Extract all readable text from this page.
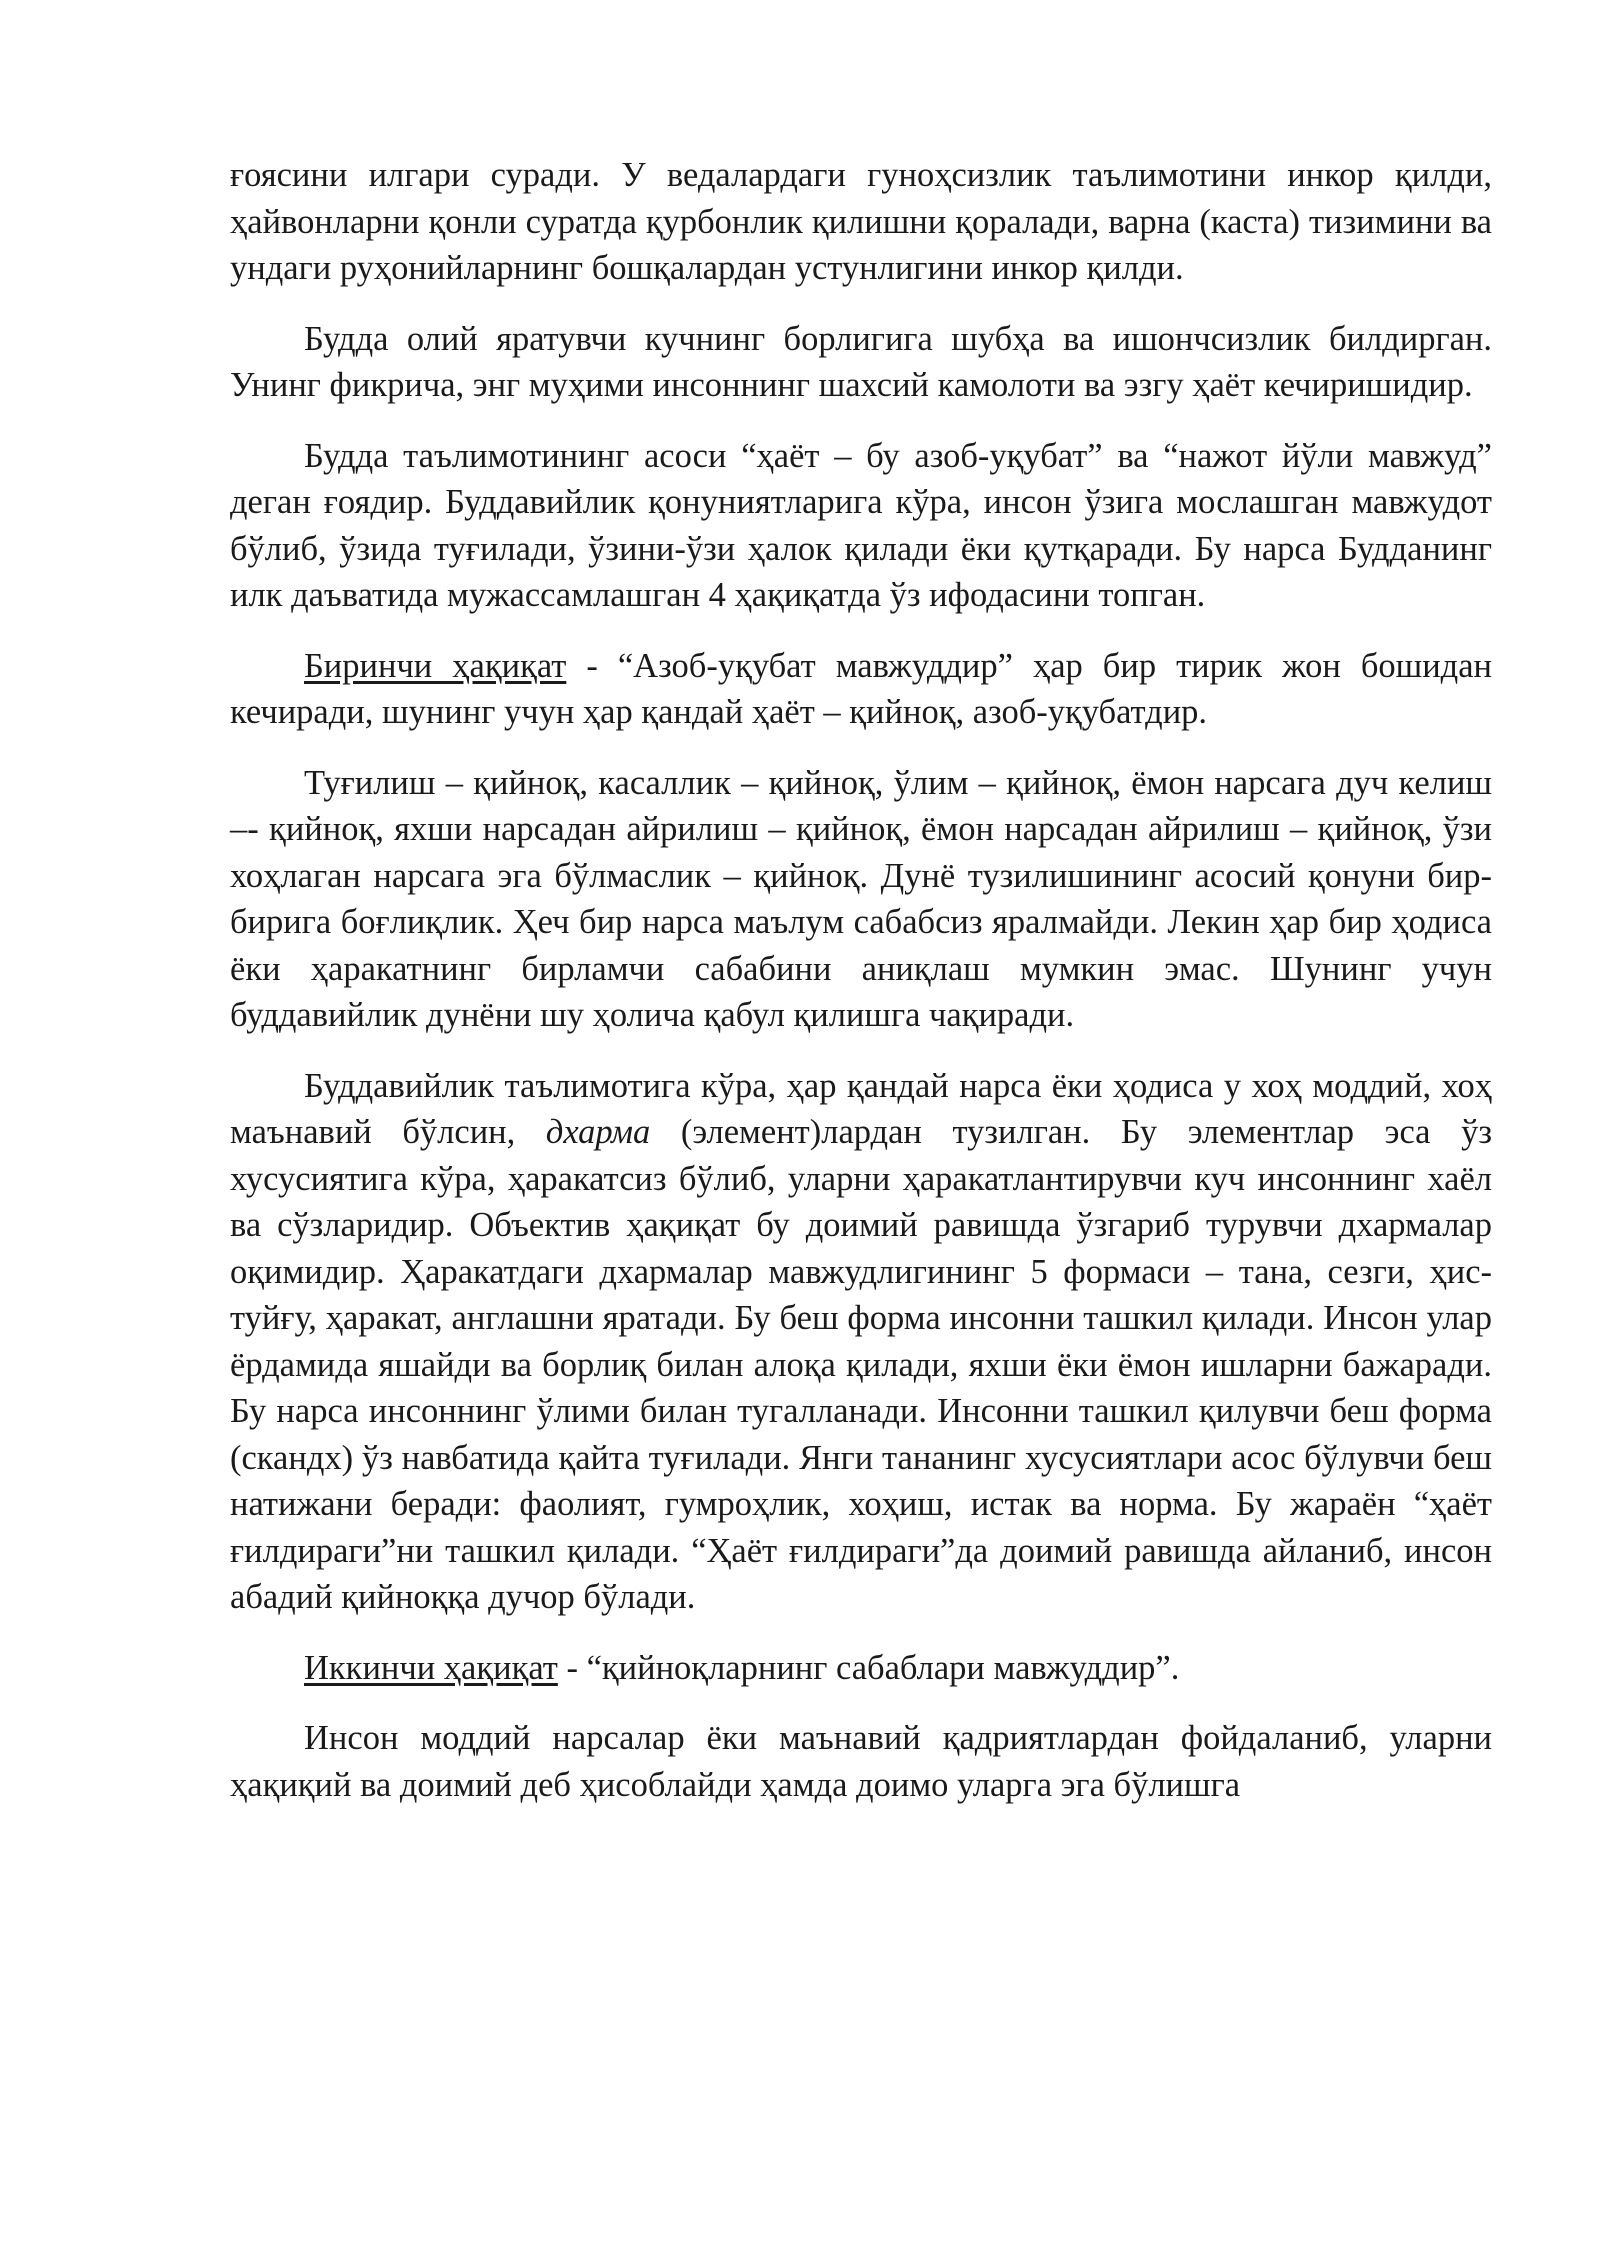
ғоясини илгари суради. У ведалардаги гуноҳсизлик таълимотини инкор қилди, ҳайвонларни қонли суратда қурбонлик қилишни қоралади, варна (каста) тизимини ва ундаги руҳонийларнинг бошқалардан устунлигини инкор қилди.

Будда олий яратувчи кучнинг борлигига шубҳа ва ишончсизлик билдирган. Унинг фикрича, энг муҳими инсоннинг шахсий камолоти ва эзгу ҳаёт кечиришидир.

Будда таълимотининг асоси “ҳаёт – бу азоб-уқубат” ва “нажот йўли мавжуд” деган ғоядир. Буддавийлик қонуниятларига кўра, инсон ўзига мослашган мавжудот бўлиб, ўзида туғилади, ўзини-ўзи ҳалок қилади ёки қутқаради. Бу нарса Будданинг илк даъватида мужассамлашган 4 ҳақиқатда ўз ифодасини топган.

Биринчи ҳақиқат - “Азоб-уқубат мавжуддир” ҳар бир тирик жон бошидан кечиради, шунинг учун ҳар қандай ҳаёт – қийноқ, азоб-уқубатдир.

Туғилиш – қийноқ, касаллик – қийноқ, ўлим – қийноқ, ёмон нарсага дуч келиш –- қийноқ, яхши нарсадан айрилиш – қийноқ, ёмон нарсадан айрилиш – қийноқ, ўзи хоҳлаган нарсага эга бўлмаслик – қийноқ. Дунё тузилишининг асосий қонуни бир-бирига боғлиқлик. Ҳеч бир нарса маълум сабабсиз яралмайди. Лекин ҳар бир ҳодиса ёки ҳаракатнинг бирламчи сабабини аниқлаш мумкин эмас. Шунинг учун буддавийлик дунёни шу ҳолича қабул қилишга чақиради.

Буддавийлик таълимотига кўра, ҳар қандай нарса ёки ҳодиса у хоҳ моддий, хоҳ маънавий бўлсин, дхарма (элемент)лардан тузилган. Бу элементлар эса ўз хусусиятига кўра, ҳаракатсиз бўлиб, уларни ҳаракатлантирувчи куч инсоннинг хаёл ва сўзларидир. Объектив ҳақиқат бу доимий равишда ўзгариб турувчи дхармалар оқимидир. Ҳаракатдаги дхармалар мавжудлигининг 5 формаси – тана, сезги, ҳис-туйғу, ҳаракат, англашни яратади. Бу беш форма инсонни ташкил қилади. Инсон улар ёрдамида яшайди ва борлиқ билан алоқа қилади, яхши ёки ёмон ишларни бажаради. Бу нарса инсоннинг ўлими билан тугалланади. Инсонни ташкил қилувчи беш форма (скандх) ўз навбатида қайта туғилади. Янги тананинг хусусиятлари асос бўлувчи беш натижани беради: фаолият, гумроҳлик, хоҳиш, истак ва норма. Бу жараён “ҳаёт ғилдираги”ни ташкил қилади. “Ҳаёт ғилдираги”да доимий равишда айланиб, инсон абадий қийноққа дучор бўлади.

Иккинчи ҳақиқат - “қийноқларнинг сабаблари мавжуддир”.

Инсон моддий нарсалар ёки маънавий қадриятлардан фойдаланиб, уларни ҳақиқий ва доимий деб ҳисоблайди ҳамда доимо уларга эга бўлишга
